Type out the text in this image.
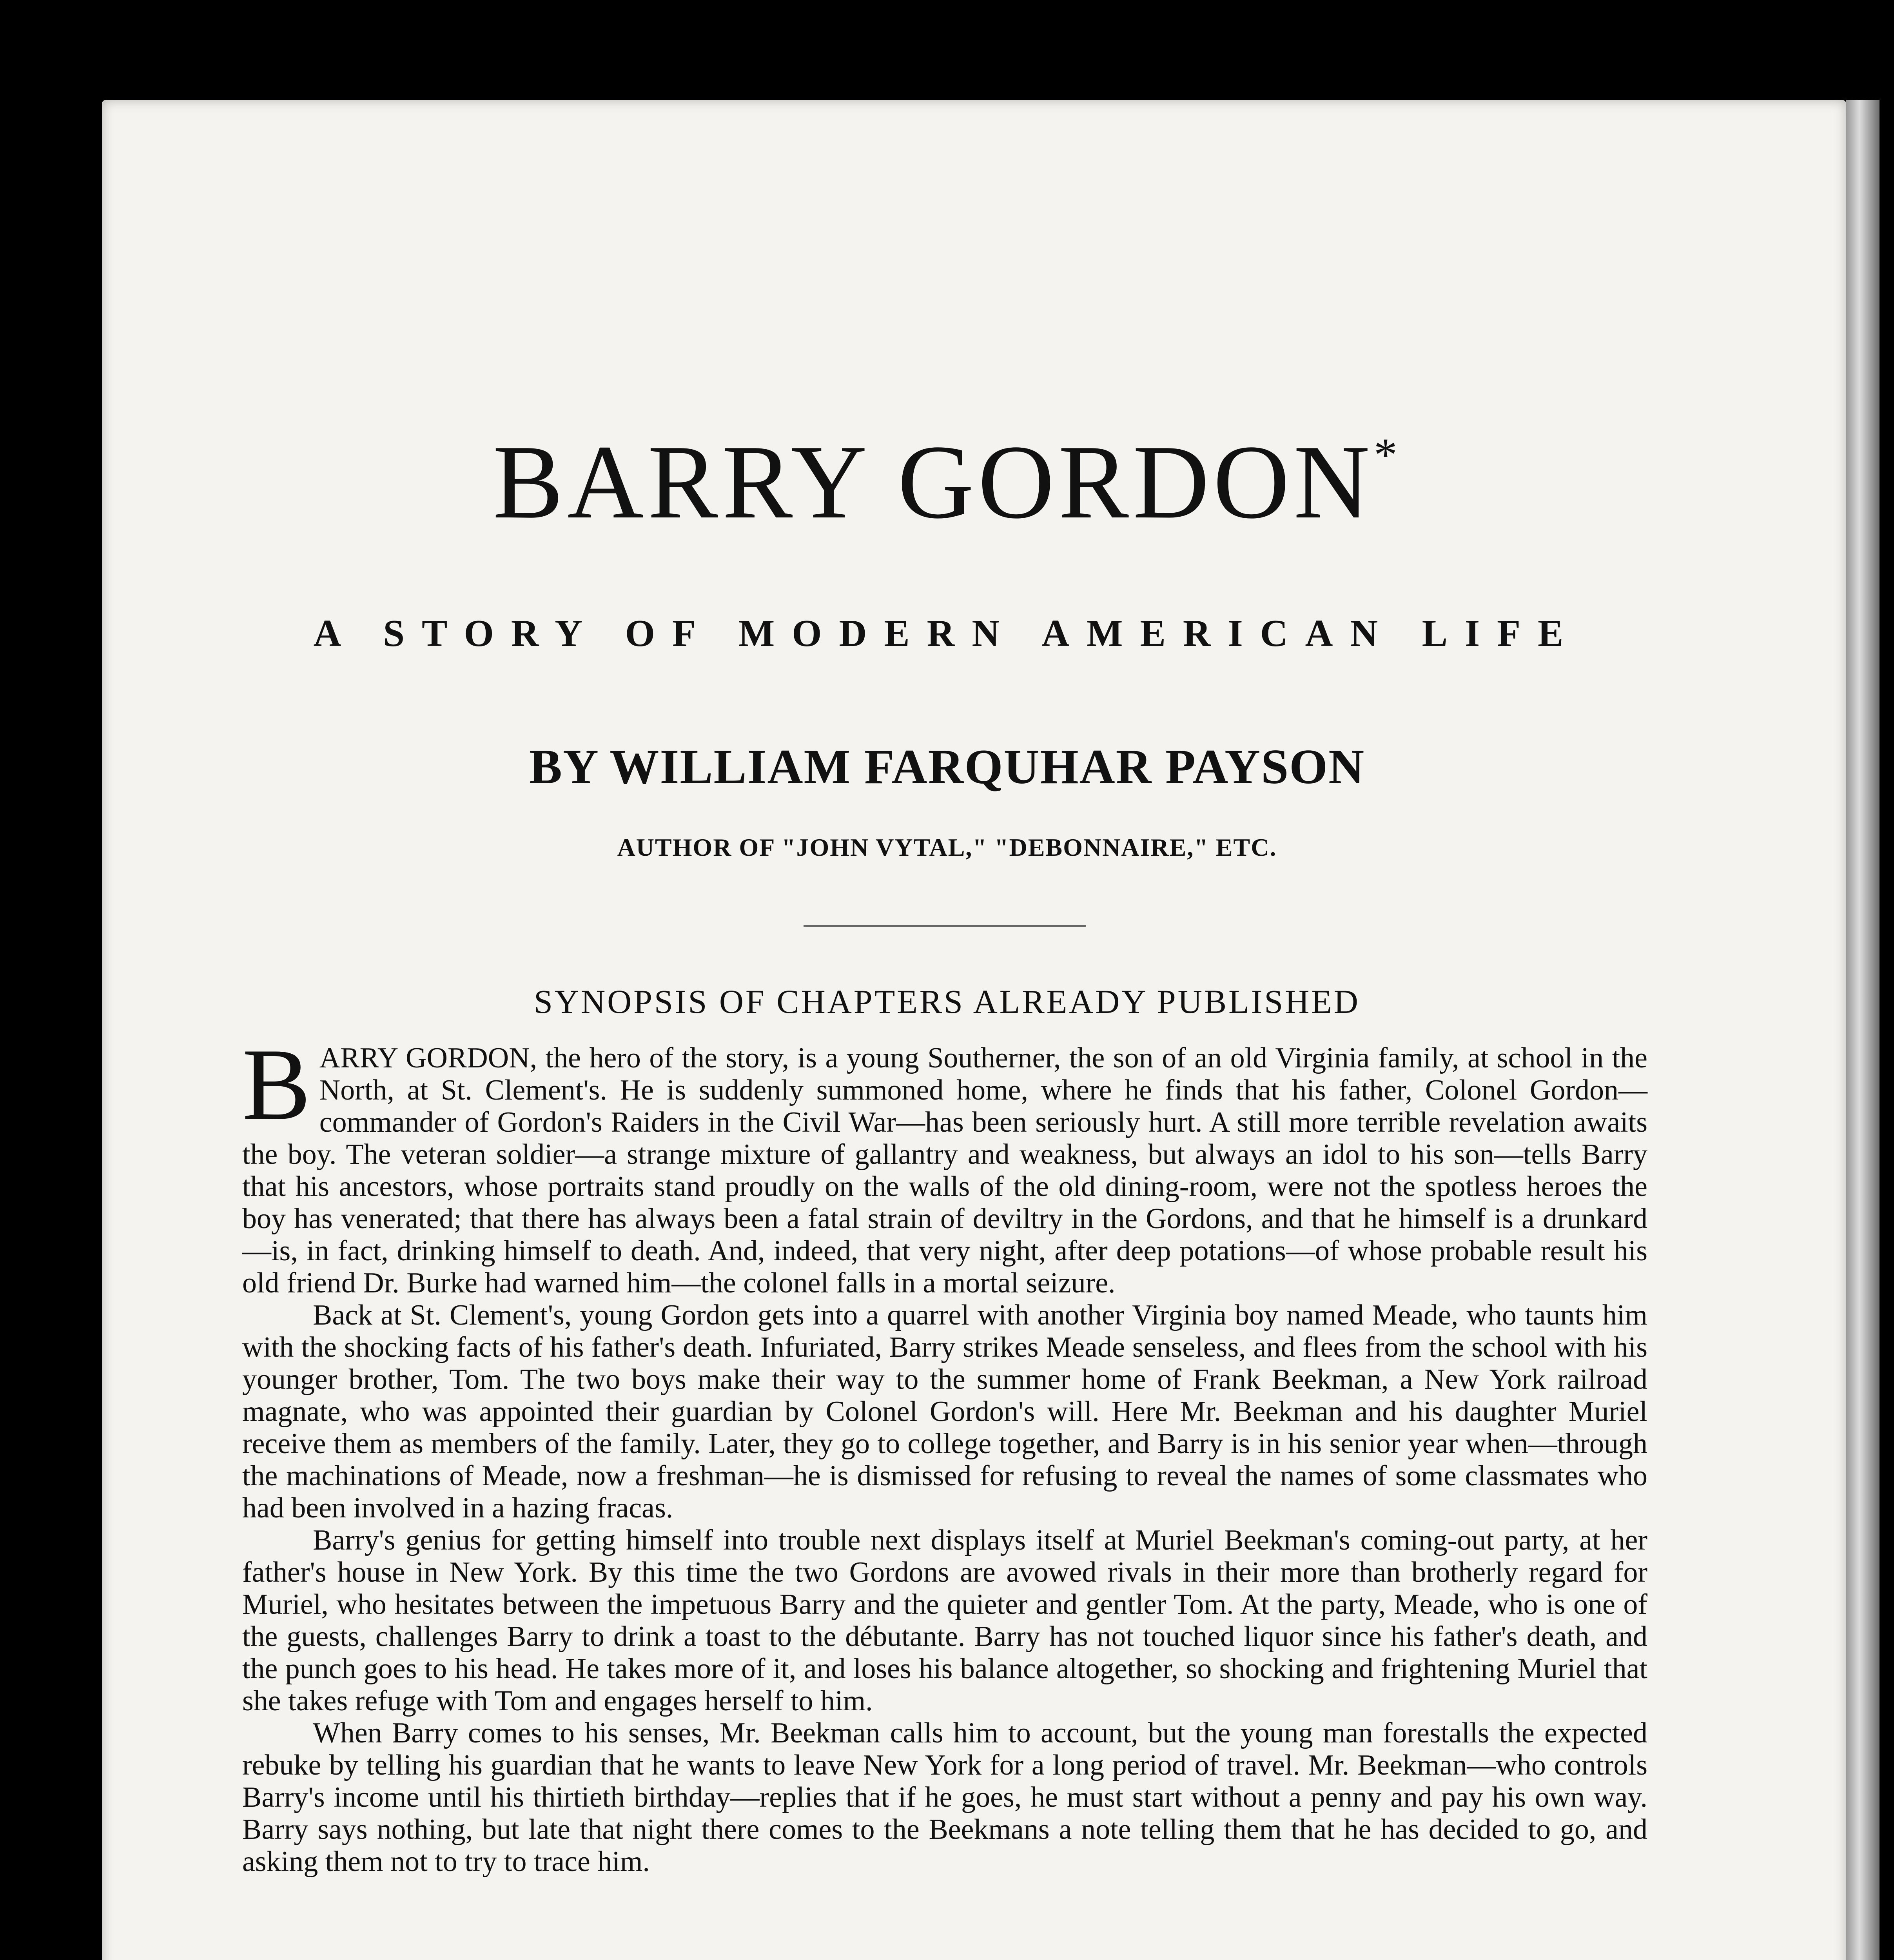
BARRY GORDON*
A STORY OF MODERN AMERICAN LIFE
BY WILLIAM FARQUHAR PAYSON
AUTHOR OF "JOHN VYTAL," "DEBONNAIRE," ETC.
SYNOPSIS OF CHAPTERS ALREADY PUBLISHED

BARRY GORDON, the hero of the story, is a young Southerner, the son of an old Virginia family, at school in the North, at St. Clement's. He is suddenly summoned home, where he finds that his father, Colonel Gordon—commander of Gordon's Raiders in the Civil War—has been seriously hurt. A still more terrible revelation awaits the boy. The veteran soldier—a strange mixture of gallantry and weakness, but always an idol to his son—tells Barry that his ancestors, whose portraits stand proudly on the walls of the old dining-room, were not the spotless heroes the boy has venerated; that there has always been a fatal strain of deviltry in the Gordons, and that he himself is a drunkard—is, in fact, drinking himself to death. And, indeed, that very night, after deep potations—of whose probable result his old friend Dr. Burke had warned him—the colonel falls in a mortal seizure.

Back at St. Clement's, young Gordon gets into a quarrel with another Virginia boy named Meade, who taunts him with the shocking facts of his father's death. Infuriated, Barry strikes Meade senseless, and flees from the school with his younger brother, Tom. The two boys make their way to the summer home of Frank Beekman, a New York railroad magnate, who was appointed their guardian by Colonel Gordon's will. Here Mr. Beekman and his daughter Muriel receive them as members of the family. Later, they go to college together, and Barry is in his senior year when—through the machinations of Meade, now a freshman—he is dismissed for refusing to reveal the names of some classmates who had been involved in a hazing fracas.

Barry's genius for getting himself into trouble next displays itself at Muriel Beekman's coming-out party, at her father's house in New York. By this time the two Gordons are avowed rivals in their more than brotherly regard for Muriel, who hesitates between the impetuous Barry and the quieter and gentler Tom. At the party, Meade, who is one of the guests, challenges Barry to drink a toast to the débutante. Barry has not touched liquor since his father's death, and the punch goes to his head. He takes more of it, and loses his balance altogether, so shocking and frightening Muriel that she takes refuge with Tom and engages herself to him.

When Barry comes to his senses, Mr. Beekman calls him to account, but the young man forestalls the expected rebuke by telling his guardian that he wants to leave New York for a long period of travel. Mr. Beekman—who controls Barry's income until his thirtieth birthday—replies that if he goes, he must start without a penny and pay his own way. Barry says nothing, but late that night there comes to the Beekmans a note telling them that he has decided to go, and asking them not to try to trace him.
